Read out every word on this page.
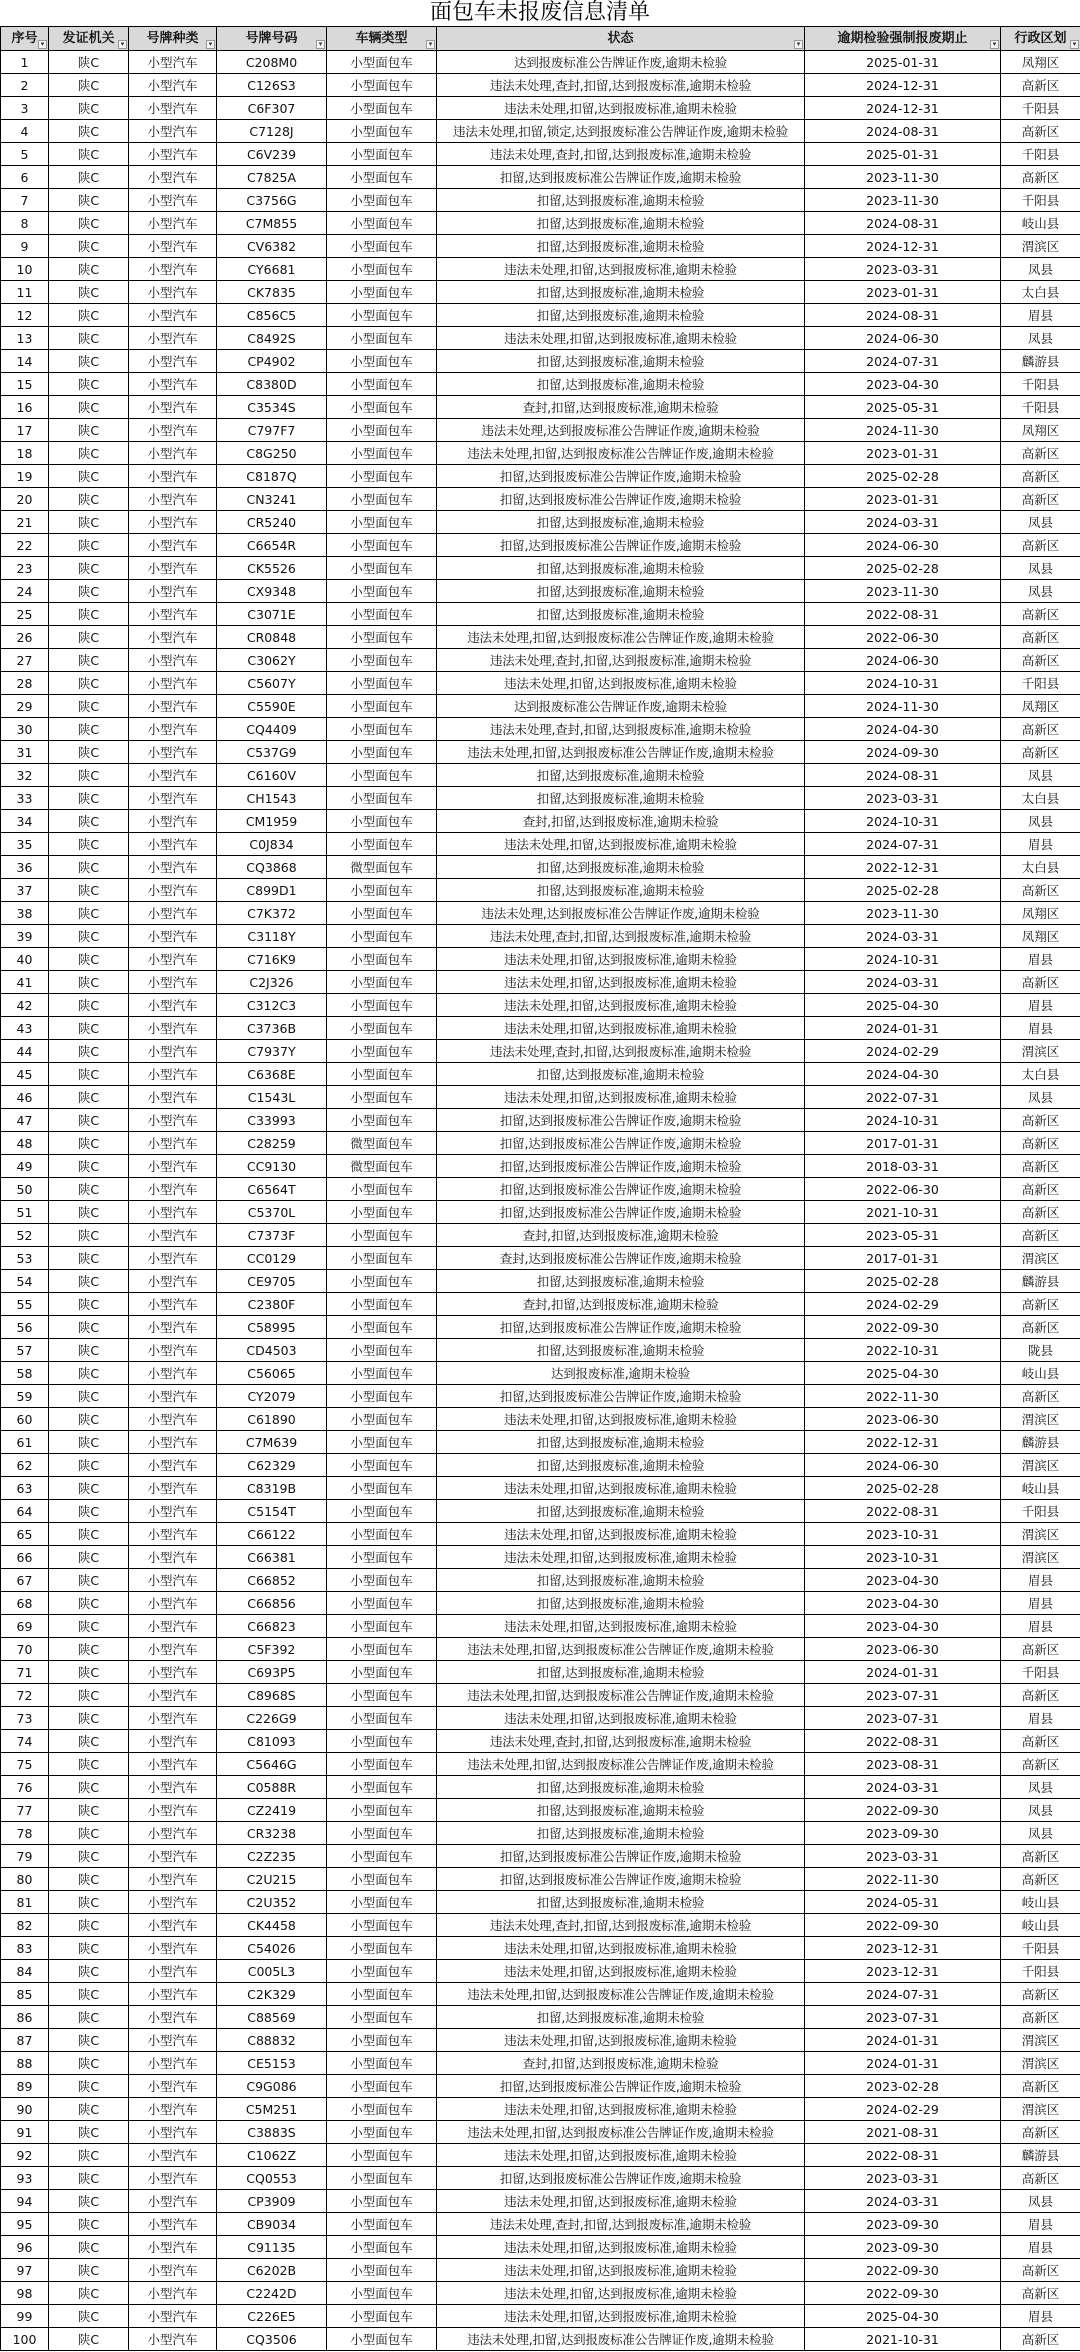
面包车未报废信息清单
序号 ▾	发证机关 ▾	号牌种类 ▾	号牌号码 ▾	车辆类型 ▾	状态 ▾	逾期检验强制报废期止 ▾	行政区划 ▾

1	陕C	小型汽车	C208M0	小型面包车	达到报废标准公告牌证作废,逾期未检验	2025-01-31	凤翔区
2	陕C	小型汽车	C126S3	小型面包车	违法未处理,查封,扣留,达到报废标准,逾期未检验	2024-12-31	高新区
3	陕C	小型汽车	C6F307	小型面包车	违法未处理,扣留,达到报废标准,逾期未检验	2024-12-31	千阳县
4	陕C	小型汽车	C7128J	小型面包车	违法未处理,扣留,锁定,达到报废标准公告牌证作废,逾期未检验	2024-08-31	高新区
5	陕C	小型汽车	C6V239	小型面包车	违法未处理,查封,扣留,达到报废标准,逾期未检验	2025-01-31	千阳县
6	陕C	小型汽车	C7825A	小型面包车	扣留,达到报废标准公告牌证作废,逾期未检验	2023-11-30	高新区
7	陕C	小型汽车	C3756G	小型面包车	扣留,达到报废标准,逾期未检验	2023-11-30	千阳县
8	陕C	小型汽车	C7M855	小型面包车	扣留,达到报废标准,逾期未检验	2024-08-31	岐山县
9	陕C	小型汽车	CV6382	小型面包车	扣留,达到报废标准,逾期未检验	2024-12-31	渭滨区
10	陕C	小型汽车	CY6681	小型面包车	违法未处理,扣留,达到报废标准,逾期未检验	2023-03-31	凤县
11	陕C	小型汽车	CK7835	小型面包车	扣留,达到报废标准,逾期未检验	2023-01-31	太白县
12	陕C	小型汽车	C856C5	小型面包车	扣留,达到报废标准,逾期未检验	2024-08-31	眉县
13	陕C	小型汽车	C8492S	小型面包车	违法未处理,扣留,达到报废标准,逾期未检验	2024-06-30	凤县
14	陕C	小型汽车	CP4902	小型面包车	扣留,达到报废标准,逾期未检验	2024-07-31	麟游县
15	陕C	小型汽车	C8380D	小型面包车	扣留,达到报废标准,逾期未检验	2023-04-30	千阳县
16	陕C	小型汽车	C3534S	小型面包车	查封,扣留,达到报废标准,逾期未检验	2025-05-31	千阳县
17	陕C	小型汽车	C797F7	小型面包车	违法未处理,达到报废标准公告牌证作废,逾期未检验	2024-11-30	凤翔区
18	陕C	小型汽车	C8G250	小型面包车	违法未处理,扣留,达到报废标准公告牌证作废,逾期未检验	2023-01-31	高新区
19	陕C	小型汽车	C8187Q	小型面包车	扣留,达到报废标准公告牌证作废,逾期未检验	2025-02-28	高新区
20	陕C	小型汽车	CN3241	小型面包车	扣留,达到报废标准公告牌证作废,逾期未检验	2023-01-31	高新区
21	陕C	小型汽车	CR5240	小型面包车	扣留,达到报废标准,逾期未检验	2024-03-31	凤县
22	陕C	小型汽车	C6654R	小型面包车	扣留,达到报废标准公告牌证作废,逾期未检验	2024-06-30	高新区
23	陕C	小型汽车	CK5526	小型面包车	扣留,达到报废标准,逾期未检验	2025-02-28	凤县
24	陕C	小型汽车	CX9348	小型面包车	扣留,达到报废标准,逾期未检验	2023-11-30	凤县
25	陕C	小型汽车	C3071E	小型面包车	扣留,达到报废标准,逾期未检验	2022-08-31	高新区
26	陕C	小型汽车	CR0848	小型面包车	违法未处理,扣留,达到报废标准公告牌证作废,逾期未检验	2022-06-30	高新区
27	陕C	小型汽车	C3062Y	小型面包车	违法未处理,查封,扣留,达到报废标准,逾期未检验	2024-06-30	高新区
28	陕C	小型汽车	C5607Y	小型面包车	违法未处理,扣留,达到报废标准,逾期未检验	2024-10-31	千阳县
29	陕C	小型汽车	C5590E	小型面包车	达到报废标准公告牌证作废,逾期未检验	2024-11-30	凤翔区
30	陕C	小型汽车	CQ4409	小型面包车	违法未处理,查封,扣留,达到报废标准,逾期未检验	2024-04-30	高新区
31	陕C	小型汽车	C537G9	小型面包车	违法未处理,扣留,达到报废标准公告牌证作废,逾期未检验	2024-09-30	高新区
32	陕C	小型汽车	C6160V	小型面包车	扣留,达到报废标准,逾期未检验	2024-08-31	凤县
33	陕C	小型汽车	CH1543	小型面包车	扣留,达到报废标准,逾期未检验	2023-03-31	太白县
34	陕C	小型汽车	CM1959	小型面包车	查封,扣留,达到报废标准,逾期未检验	2024-10-31	凤县
35	陕C	小型汽车	C0J834	小型面包车	违法未处理,扣留,达到报废标准,逾期未检验	2024-07-31	眉县
36	陕C	小型汽车	CQ3868	微型面包车	扣留,达到报废标准,逾期未检验	2022-12-31	太白县
37	陕C	小型汽车	C899D1	小型面包车	扣留,达到报废标准,逾期未检验	2025-02-28	高新区
38	陕C	小型汽车	C7K372	小型面包车	违法未处理,达到报废标准公告牌证作废,逾期未检验	2023-11-30	凤翔区
39	陕C	小型汽车	C3118Y	小型面包车	违法未处理,查封,扣留,达到报废标准,逾期未检验	2024-03-31	凤翔区
40	陕C	小型汽车	C716K9	小型面包车	违法未处理,扣留,达到报废标准,逾期未检验	2024-10-31	眉县
41	陕C	小型汽车	C2J326	小型面包车	违法未处理,扣留,达到报废标准,逾期未检验	2024-03-31	高新区
42	陕C	小型汽车	C312C3	小型面包车	违法未处理,扣留,达到报废标准,逾期未检验	2025-04-30	眉县
43	陕C	小型汽车	C3736B	小型面包车	违法未处理,扣留,达到报废标准,逾期未检验	2024-01-31	眉县
44	陕C	小型汽车	C7937Y	小型面包车	违法未处理,查封,扣留,达到报废标准,逾期未检验	2024-02-29	渭滨区
45	陕C	小型汽车	C6368E	小型面包车	扣留,达到报废标准,逾期未检验	2024-04-30	太白县
46	陕C	小型汽车	C1543L	小型面包车	违法未处理,扣留,达到报废标准,逾期未检验	2022-07-31	凤县
47	陕C	小型汽车	C33993	小型面包车	扣留,达到报废标准公告牌证作废,逾期未检验	2024-10-31	高新区
48	陕C	小型汽车	C28259	微型面包车	扣留,达到报废标准公告牌证作废,逾期未检验	2017-01-31	高新区
49	陕C	小型汽车	CC9130	微型面包车	扣留,达到报废标准公告牌证作废,逾期未检验	2018-03-31	高新区
50	陕C	小型汽车	C6564T	小型面包车	扣留,达到报废标准公告牌证作废,逾期未检验	2022-06-30	高新区
51	陕C	小型汽车	C5370L	小型面包车	扣留,达到报废标准公告牌证作废,逾期未检验	2021-10-31	高新区
52	陕C	小型汽车	C7373F	小型面包车	查封,扣留,达到报废标准,逾期未检验	2023-05-31	高新区
53	陕C	小型汽车	CC0129	小型面包车	查封,达到报废标准公告牌证作废,逾期未检验	2017-01-31	渭滨区
54	陕C	小型汽车	CE9705	小型面包车	扣留,达到报废标准,逾期未检验	2025-02-28	麟游县
55	陕C	小型汽车	C2380F	小型面包车	查封,扣留,达到报废标准,逾期未检验	2024-02-29	高新区
56	陕C	小型汽车	C58995	小型面包车	扣留,达到报废标准公告牌证作废,逾期未检验	2022-09-30	高新区
57	陕C	小型汽车	CD4503	小型面包车	扣留,达到报废标准,逾期未检验	2022-10-31	陇县
58	陕C	小型汽车	C56065	小型面包车	达到报废标准,逾期未检验	2025-04-30	岐山县
59	陕C	小型汽车	CY2079	小型面包车	扣留,达到报废标准公告牌证作废,逾期未检验	2022-11-30	高新区
60	陕C	小型汽车	C61890	小型面包车	违法未处理,扣留,达到报废标准,逾期未检验	2023-06-30	渭滨区
61	陕C	小型汽车	C7M639	小型面包车	扣留,达到报废标准,逾期未检验	2022-12-31	麟游县
62	陕C	小型汽车	C62329	小型面包车	扣留,达到报废标准,逾期未检验	2024-06-30	渭滨区
63	陕C	小型汽车	C8319B	小型面包车	违法未处理,扣留,达到报废标准,逾期未检验	2025-02-28	岐山县
64	陕C	小型汽车	C5154T	小型面包车	扣留,达到报废标准,逾期未检验	2022-08-31	千阳县
65	陕C	小型汽车	C66122	小型面包车	违法未处理,扣留,达到报废标准,逾期未检验	2023-10-31	渭滨区
66	陕C	小型汽车	C66381	小型面包车	违法未处理,扣留,达到报废标准,逾期未检验	2023-10-31	渭滨区
67	陕C	小型汽车	C66852	小型面包车	扣留,达到报废标准,逾期未检验	2023-04-30	眉县
68	陕C	小型汽车	C66856	小型面包车	扣留,达到报废标准,逾期未检验	2023-04-30	眉县
69	陕C	小型汽车	C66823	小型面包车	违法未处理,扣留,达到报废标准,逾期未检验	2023-04-30	眉县
70	陕C	小型汽车	C5F392	小型面包车	违法未处理,扣留,达到报废标准公告牌证作废,逾期未检验	2023-06-30	高新区
71	陕C	小型汽车	C693P5	小型面包车	扣留,达到报废标准,逾期未检验	2024-01-31	千阳县
72	陕C	小型汽车	C8968S	小型面包车	违法未处理,扣留,达到报废标准公告牌证作废,逾期未检验	2023-07-31	高新区
73	陕C	小型汽车	C226G9	小型面包车	违法未处理,扣留,达到报废标准,逾期未检验	2023-07-31	眉县
74	陕C	小型汽车	C81093	小型面包车	违法未处理,查封,扣留,达到报废标准,逾期未检验	2022-08-31	高新区
75	陕C	小型汽车	C5646G	小型面包车	违法未处理,扣留,达到报废标准公告牌证作废,逾期未检验	2023-08-31	高新区
76	陕C	小型汽车	C0588R	小型面包车	扣留,达到报废标准,逾期未检验	2024-03-31	凤县
77	陕C	小型汽车	CZ2419	小型面包车	扣留,达到报废标准,逾期未检验	2022-09-30	凤县
78	陕C	小型汽车	CR3238	小型面包车	扣留,达到报废标准,逾期未检验	2023-09-30	凤县
79	陕C	小型汽车	C2Z235	小型面包车	扣留,达到报废标准公告牌证作废,逾期未检验	2023-03-31	高新区
80	陕C	小型汽车	C2U215	小型面包车	扣留,达到报废标准公告牌证作废,逾期未检验	2022-11-30	高新区
81	陕C	小型汽车	C2U352	小型面包车	扣留,达到报废标准,逾期未检验	2024-05-31	岐山县
82	陕C	小型汽车	CK4458	小型面包车	违法未处理,查封,扣留,达到报废标准,逾期未检验	2022-09-30	岐山县
83	陕C	小型汽车	C54026	小型面包车	违法未处理,扣留,达到报废标准,逾期未检验	2023-12-31	千阳县
84	陕C	小型汽车	C005L3	小型面包车	违法未处理,扣留,达到报废标准,逾期未检验	2023-12-31	千阳县
85	陕C	小型汽车	C2K329	小型面包车	违法未处理,扣留,达到报废标准公告牌证作废,逾期未检验	2024-07-31	高新区
86	陕C	小型汽车	C88569	小型面包车	扣留,达到报废标准,逾期未检验	2023-07-31	高新区
87	陕C	小型汽车	C88832	小型面包车	违法未处理,扣留,达到报废标准,逾期未检验	2024-01-31	渭滨区
88	陕C	小型汽车	CE5153	小型面包车	查封,扣留,达到报废标准,逾期未检验	2024-01-31	渭滨区
89	陕C	小型汽车	C9G086	小型面包车	扣留,达到报废标准公告牌证作废,逾期未检验	2023-02-28	高新区
90	陕C	小型汽车	C5M251	小型面包车	违法未处理,扣留,达到报废标准,逾期未检验	2024-02-29	渭滨区
91	陕C	小型汽车	C3883S	小型面包车	违法未处理,扣留,达到报废标准公告牌证作废,逾期未检验	2021-08-31	高新区
92	陕C	小型汽车	C1062Z	小型面包车	违法未处理,扣留,达到报废标准,逾期未检验	2022-08-31	麟游县
93	陕C	小型汽车	CQ0553	小型面包车	扣留,达到报废标准公告牌证作废,逾期未检验	2023-03-31	高新区
94	陕C	小型汽车	CP3909	小型面包车	违法未处理,扣留,达到报废标准,逾期未检验	2024-03-31	凤县
95	陕C	小型汽车	CB9034	小型面包车	违法未处理,查封,扣留,达到报废标准,逾期未检验	2023-09-30	眉县
96	陕C	小型汽车	C91135	小型面包车	违法未处理,扣留,达到报废标准,逾期未检验	2023-09-30	眉县
97	陕C	小型汽车	C6202B	小型面包车	违法未处理,扣留,达到报废标准,逾期未检验	2022-09-30	高新区
98	陕C	小型汽车	C2242D	小型面包车	违法未处理,扣留,达到报废标准,逾期未检验	2022-09-30	高新区
99	陕C	小型汽车	C226E5	小型面包车	违法未处理,扣留,达到报废标准,逾期未检验	2025-04-30	眉县
100	陕C	小型汽车	CQ3506	小型面包车	违法未处理,扣留,达到报废标准公告牌证作废,逾期未检验	2021-10-31	高新区
